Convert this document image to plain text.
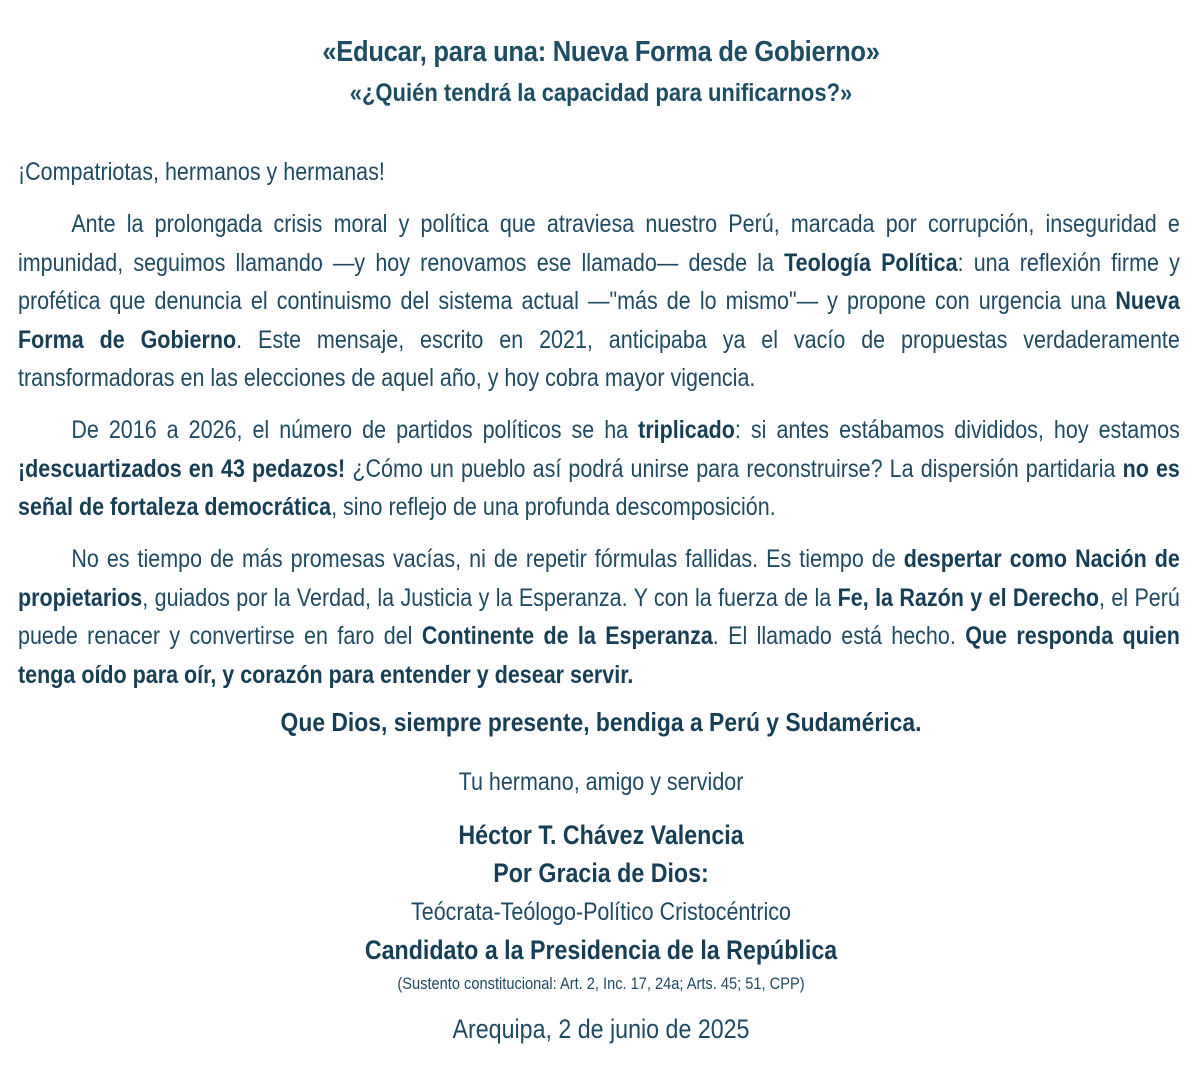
«Educar, para una: Nueva Forma de Gobierno»
«¿Quién tendrá la capacidad para unificarnos?»
¡Compatriotas, hermanos y hermanas!

Ante la prolongada crisis moral y política que atraviesa nuestro Perú, marcada por corrupción, inseguridad e impunidad, seguimos llamando —y hoy renovamos ese llamado— desde la Teología Política: una reflexión firme y profética que denuncia el continuismo del sistema actual —"más de lo mismo"— y propone con urgencia una Nueva Forma de Gobierno. Este mensaje, escrito en 2021, anticipaba ya el vacío de propuestas verdaderamente transformadoras en las elecciones de aquel año, y hoy cobra mayor vigencia.

De 2016 a 2026, el número de partidos políticos se ha triplicado: si antes estábamos divididos, hoy estamos ¡descuartizados en 43 pedazos! ¿Cómo un pueblo así podrá unirse para reconstruirse? La dispersión partidaria no es señal de fortaleza democrática, sino reflejo de una profunda descomposición.

No es tiempo de más promesas vacías, ni de repetir fórmulas fallidas. Es tiempo de despertar como Nación de propietarios, guiados por la Verdad, la Justicia y la Esperanza. Y con la fuerza de la Fe, la Razón y el Derecho, el Perú puede renacer y convertirse en faro del Continente de la Esperanza. El llamado está hecho. Que responda quien tenga oído para oír, y corazón para entender y desear servir.

Que Dios, siempre presente, bendiga a Perú y Sudamérica.
Tu hermano, amigo y servidor
Héctor T. Chávez Valencia
Por Gracia de Dios:
Teócrata-Teólogo-Político Cristocéntrico
Candidato a la Presidencia de la República
(Sustento constitucional: Art. 2, Inc. 17, 24a; Arts. 45; 51, CPP)
Arequipa, 2 de junio de 2025
